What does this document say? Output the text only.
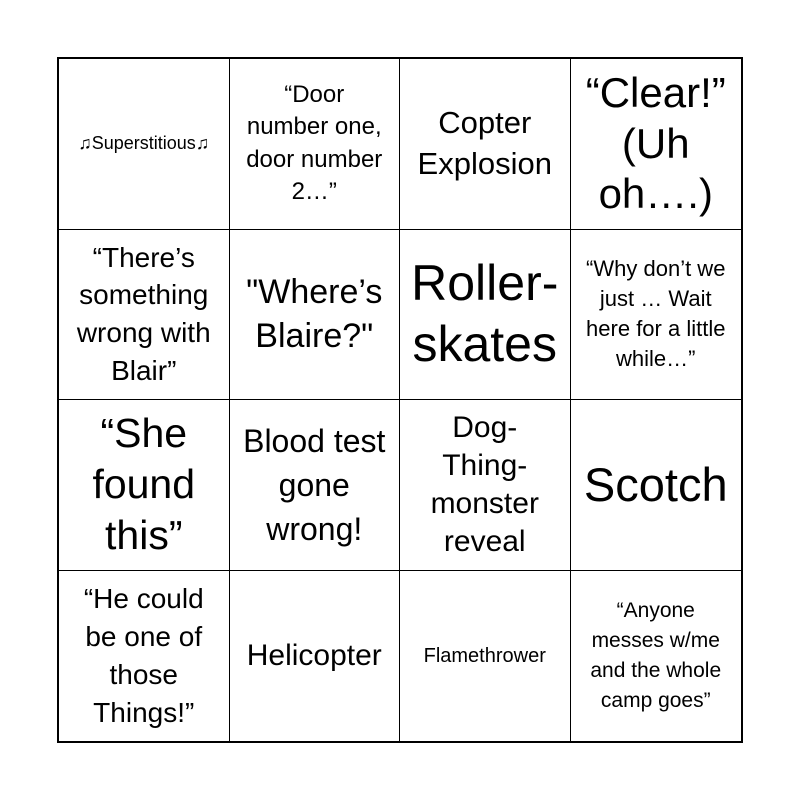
♫Superstitious♫
“Door number one, door number 2…”
Copter Explosion
“Clear!” (Uh oh….)
“There’s something wrong with Blair”
"Where’s Blaire?"
Roller-skates
“Why don’t we just … Wait here for a little while…”
“She found this”
Blood test gone wrong!
Dog-Thing-monster reveal
Scotch
“He could be one of those Things!”
Helicopter Flamethrower
“Anyone messes w/me and the whole camp goes”
